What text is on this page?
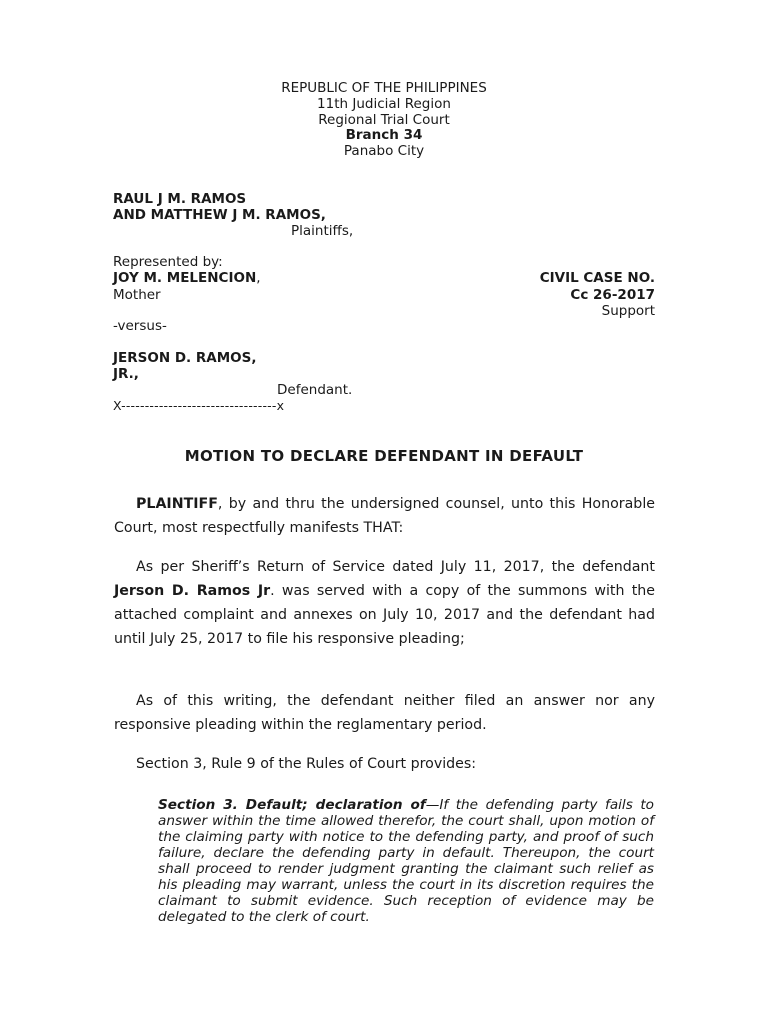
REPUBLIC OF THE PHILIPPINES
11th Judicial Region
Regional Trial Court
Branch 34
Panabo City
RAUL J M. RAMOS
AND MATTHEW J M. RAMOS,
Plaintiffs,
Represented by:
JOY M. MELENCION,
Mother
CIVIL CASE NO.
Cc 26-2017
Support
-versus-
JERSON D. RAMOS,
JR.,
Defendant.
X---------------------------------x
MOTION TO DECLARE DEFENDANT IN DEFAULT
PLAINTIFF, by and thru the undersigned counsel, unto this Honorable Court, most respectfully manifests THAT:
As per Sheriff’s Return of Service dated July 11, 2017, the defendant Jerson D. Ramos Jr. was served with a copy of the summons with the attached complaint and annexes on July 10, 2017 and the defendant had until July 25, 2017 to file his responsive pleading;
As of this writing, the defendant neither filed an answer nor any responsive pleading within the reglamentary period.
Section 3, Rule 9 of the Rules of Court provides:
Section 3. Default; declaration of—If the defending party fails to answer within the time allowed therefor, the court shall, upon motion of the claiming party with notice to the defending party, and proof of such failure, declare the defending party in default. Thereupon, the court shall proceed to render judgment granting the claimant such relief as his pleading may warrant, unless the court in its discretion requires the claimant to submit evidence. Such reception of evidence may be delegated to the clerk of court.
